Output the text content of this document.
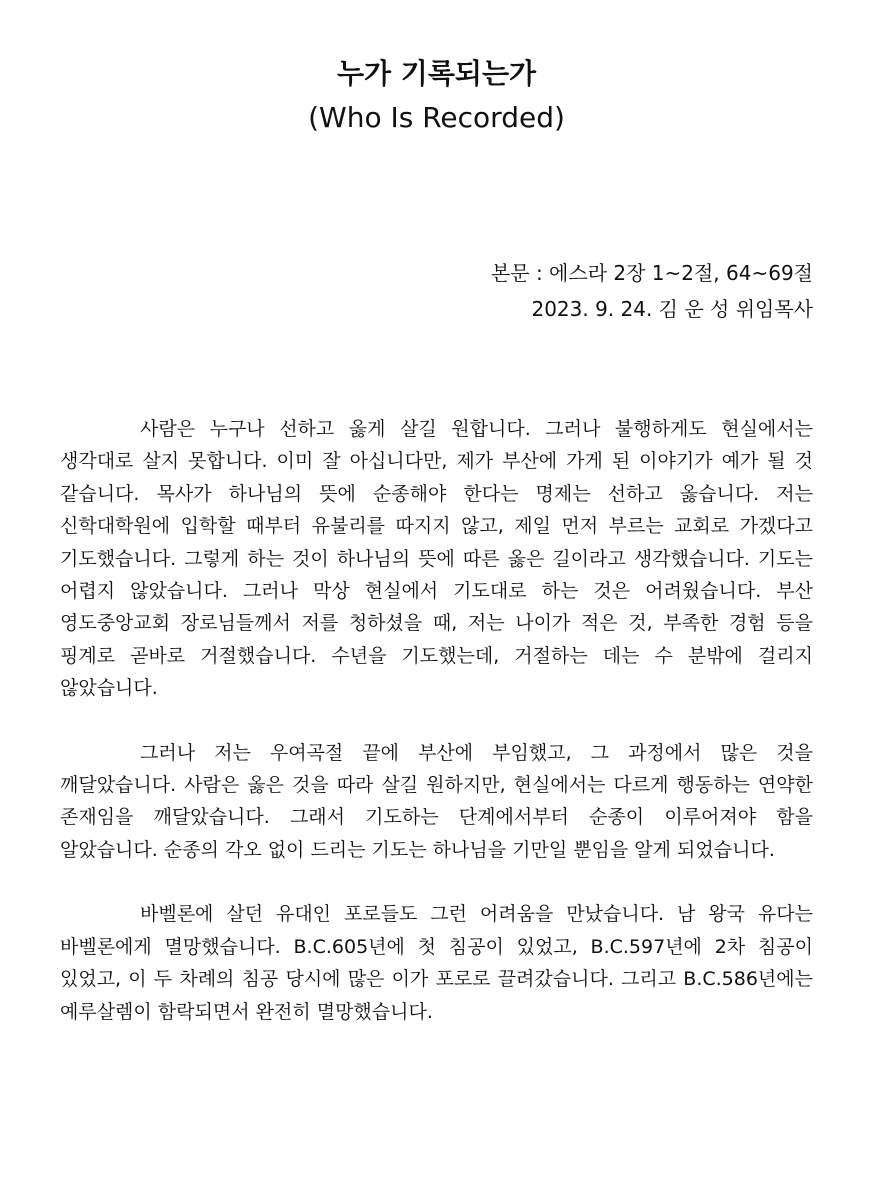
누가 기록되는가

(Who Is Recorded)

본문 : 에스라 2장 1~2절, 64~69절
2023. 9. 24. 김 운 성 위임목사

사람은 누구나 선하고 옳게 살길 원합니다. 그러나 불행하게도 현실에서는 생각대로 살지 못합니다. 이미 잘 아십니다만, 제가 부산에 가게 된 이야기가 예가 될 것 같습니다. 목사가 하나님의 뜻에 순종해야 한다는 명제는 선하고 옳습니다. 저는 신학대학원에 입학할 때부터 유불리를 따지지 않고, 제일 먼저 부르는 교회로 가겠다고 기도했습니다. 그렇게 하는 것이 하나님의 뜻에 따른 옳은 길이라고 생각했습니다. 기도는 어렵지 않았습니다. 그러나 막상 현실에서 기도대로 하는 것은 어려웠습니다. 부산 영도중앙교회 장로님들께서 저를 청하셨을 때, 저는 나이가 적은 것, 부족한 경험 등을 핑계로 곧바로 거절했습니다. 수년을 기도했는데, 거절하는 데는 수 분밖에 걸리지 않았습니다.

그러나 저는 우여곡절 끝에 부산에 부임했고, 그 과정에서 많은 것을 깨달았습니다. 사람은 옳은 것을 따라 살길 원하지만, 현실에서는 다르게 행동하는 연약한 존재임을 깨달았습니다. 그래서 기도하는 단계에서부터 순종이 이루어져야 함을 알았습니다. 순종의 각오 없이 드리는 기도는 하나님을 기만일 뿐임을 알게 되었습니다.

바벨론에 살던 유대인 포로들도 그런 어려움을 만났습니다. 남 왕국 유다는 바벨론에게 멸망했습니다. B.C.605년에 첫 침공이 있었고, B.C.597년에 2차 침공이 있었고, 이 두 차례의 침공 당시에 많은 이가 포로로 끌려갔습니다. 그리고 B.C.586년에는 예루살렘이 함락되면서 완전히 멸망했습니다.
